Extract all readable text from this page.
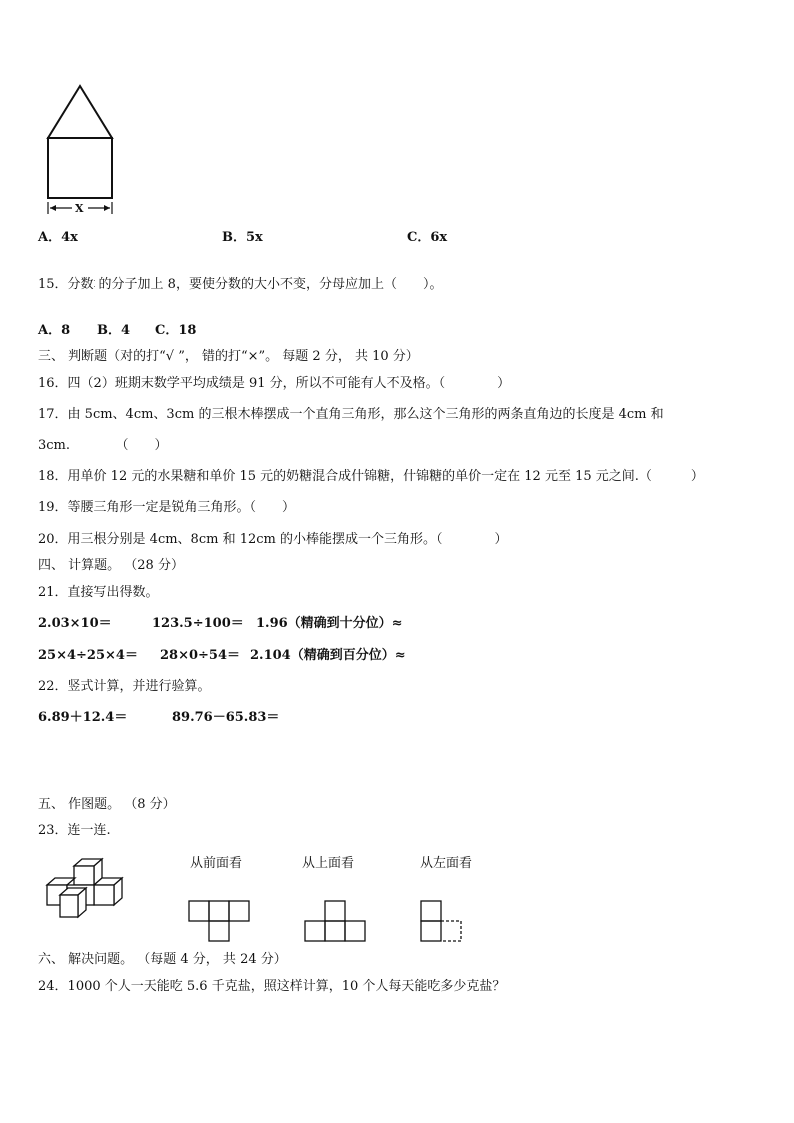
X
A．4x	B．5x	C．6x
15．分数·
· 的分子加上 8，要使分数的大小不变，分母应加上（　　）。
A．8 B．4 C．18
三、 判断题（对的打“√ ”， 错的打“×”。 每题 2 分， 共 10 分）
16．四（2）班期末数学平均成绩是 91 分，所以不可能有人不及格。（　　　　）
17．由 5cm、4cm、3cm 的三根木棒摆成一个直角三角形，那么这个三角形的两条直角边的长度是 4cm 和
3cm.　　　　（　　）
18．用单价 12 元的水果糖和单价 15 元的奶糖混合成什锦糖，什锦糖的单价一定在 12 元至 15 元之间.（　　　）
19．等腰三角形一定是锐角三角形。（　　）
20．用三根分别是 4cm、8cm 和 12cm 的小棒能摆成一个三角形。（　　　　）
四、 计算题。 （28 分）
21．直接写出得数。
2.03×10＝	123.5÷100＝ 1.96（精确到十分位）≈
25×4÷25×4＝ 28×0÷54＝ 2.104（精确到百分位）≈
22．竖式计算，并进行验算。
6.89＋12.4＝	89.76－65.83＝
五、 作图题。 （8 分）
23．连一连.
从前面看	从上面看	从左面看
六、 解决问题。 （每题 4 分， 共 24 分）
24．1000 个人一天能吃 5.6 千克盐，照这样计算，10 个人每天能吃多少克盐？
